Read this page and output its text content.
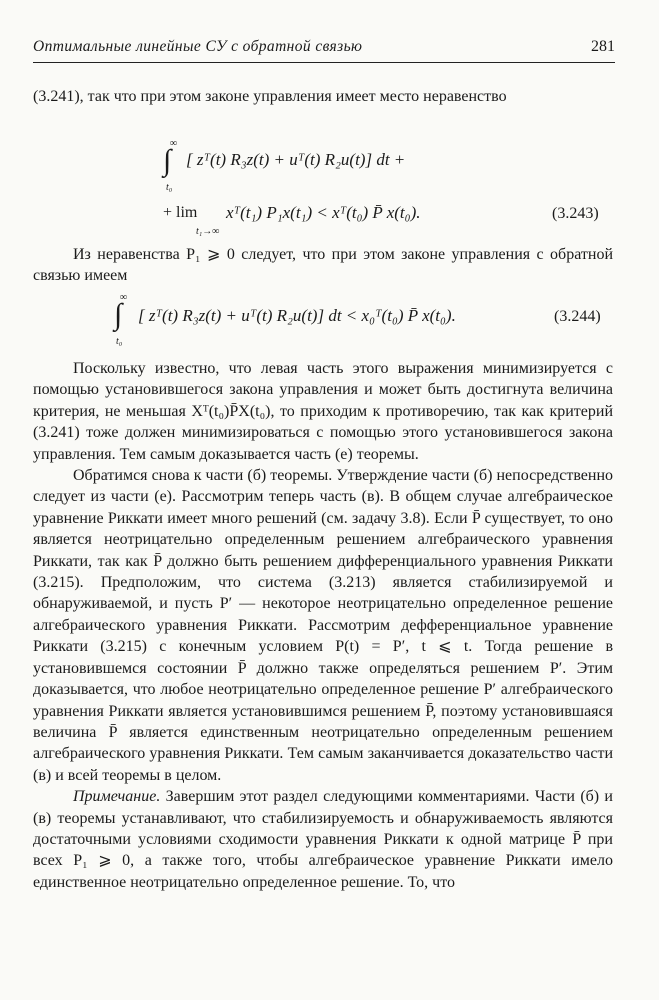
Оптимальные линейные СУ с обратной связью	281

(3.241), так что при этом законе управления имеет место неравенство

∞
∫
t₀
[ zᵀ(t) R₃z(t) + uᵀ(t) R₂u(t)] dt +
+ lim
t₁→∞
xᵀ(t₁) P₁x(t₁) < xᵀ(t₀) P̄ x(t₀).	(3.243)

Из неравенства P₁ ⩾ 0 следует, что при этом законе управления с обратной связью имеем

∞
∫
t₀
[ zᵀ(t) R₃z(t) + uᵀ(t) R₂u(t)] dt < x₀ᵀ(t₀) P̄ x(t₀).	(3.244)

Поскольку известно, что левая часть этого выражения минимизируется с помощью установившегося закона управления и может быть достигнута величина критерия, не меньшая Xᵀ(t₀)P̄X(t₀), то приходим к противоречию, так как критерий (3.241) тоже должен минимизироваться с помощью этого установившегося закона управления. Тем самым доказывается часть (е) теоремы.

Обратимся снова к части (б) теоремы. Утверждение части (б) непосредственно следует из части (е). Рассмотрим теперь часть (в). В общем случае алгебраическое уравнение Риккати имеет много решений (см. задачу 3.8). Если P̄ существует, то оно является неотрицательно определенным решением алгебраического уравнения Риккати, так как P̄ должно быть решением дифференциального уравнения Риккати (3.215). Предположим, что система (3.213) является стабилизируемой и обнаруживаемой, и пусть P′ — некоторое неотрицательно определенное решение алгебраического уравнения Риккати. Рассмотрим дефференциальное уравнение Риккати (3.215) с конечным условием P(t) = P′, t ⩽ t. Тогда решение в установившемся состоянии P̄ должно также определяться решением P′. Этим доказывается, что любое неотрицательно определенное решение P′ алгебраического уравнения Риккати является установившимся решением P̄, поэтому установившаяся величина P̄ является единственным неотрицательно определенным решением алгебраического уравнения Риккати. Тем самым заканчивается доказательство части (в) и всей теоремы в целом.

Примечание. Завершим этот раздел следующими комментариями. Части (б) и (в) теоремы устанавливают, что стабилизируемость и обнаруживаемость являются достаточными условиями сходимости уравнения Риккати к одной матрице P̄ при всех P₁ ⩾ 0, а также того, чтобы алгебраическое уравнение Риккати имело единственное неотрицательно определенное решение. То, что
